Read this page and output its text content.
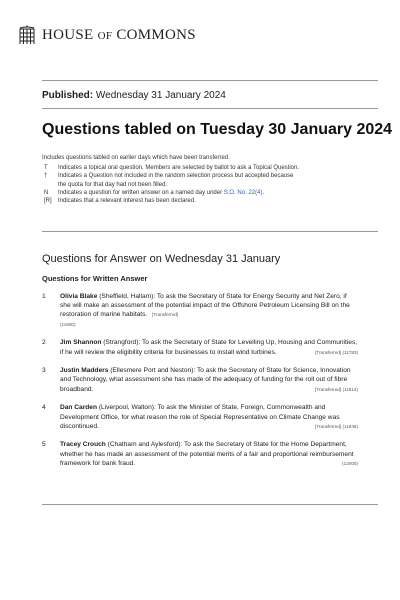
HOUSE OF COMMONS
Published: Wednesday 31 January 2024
Questions tabled on Tuesday 30 January 2024
Includes questions tabled on earlier days which have been transferred.
T	Indicates a topical oral question. Members are selected by ballot to ask a Topical Question.
†	Indicates a Question not included in the random selection process but accepted because the quota for that day had not been filled.
N	Indicates a question for written answer on a named day under S.O. No. 22(4).
[R]	Indicates that a relevant interest has been declared.
Questions for Answer on Wednesday 31 January
Questions for Written Answer
1	Olivia Blake (Sheffield, Hallam): To ask the Secretary of State for Energy Security and Net Zero, if she will make an assessment of the potential impact of the Offshore Petroleum Licensing Bill on the restoration of marine habitats. [Transferred]
(11900)
2	Jim Shannon (Strangford): To ask the Secretary of State for Levelling Up, Housing and Communities, if he will review the eligibility criteria for businesses to install wind turbines.	[Transferred] (11783)
3	Justin Madders (Ellesmere Port and Neston): To ask the Secretary of State for Science, Innovation and Technology, what assessment she has made of the adequacy of funding for the roll out of fibre broadband.	[Transferred] (11814)
4	Dan Carden (Liverpool, Walton): To ask the Minister of State, Foreign, Commonwealth and Development Office, for what reason the role of Special Representative on Climate Change was discontinued.	[Transferred] (11848)
5	Tracey Crouch (Chatham and Aylesford): To ask the Secretary of State for the Home Department, whether he has made an assessment of the potential merits of a fair and proportional reimbursement framework for bank fraud.	(12000)
